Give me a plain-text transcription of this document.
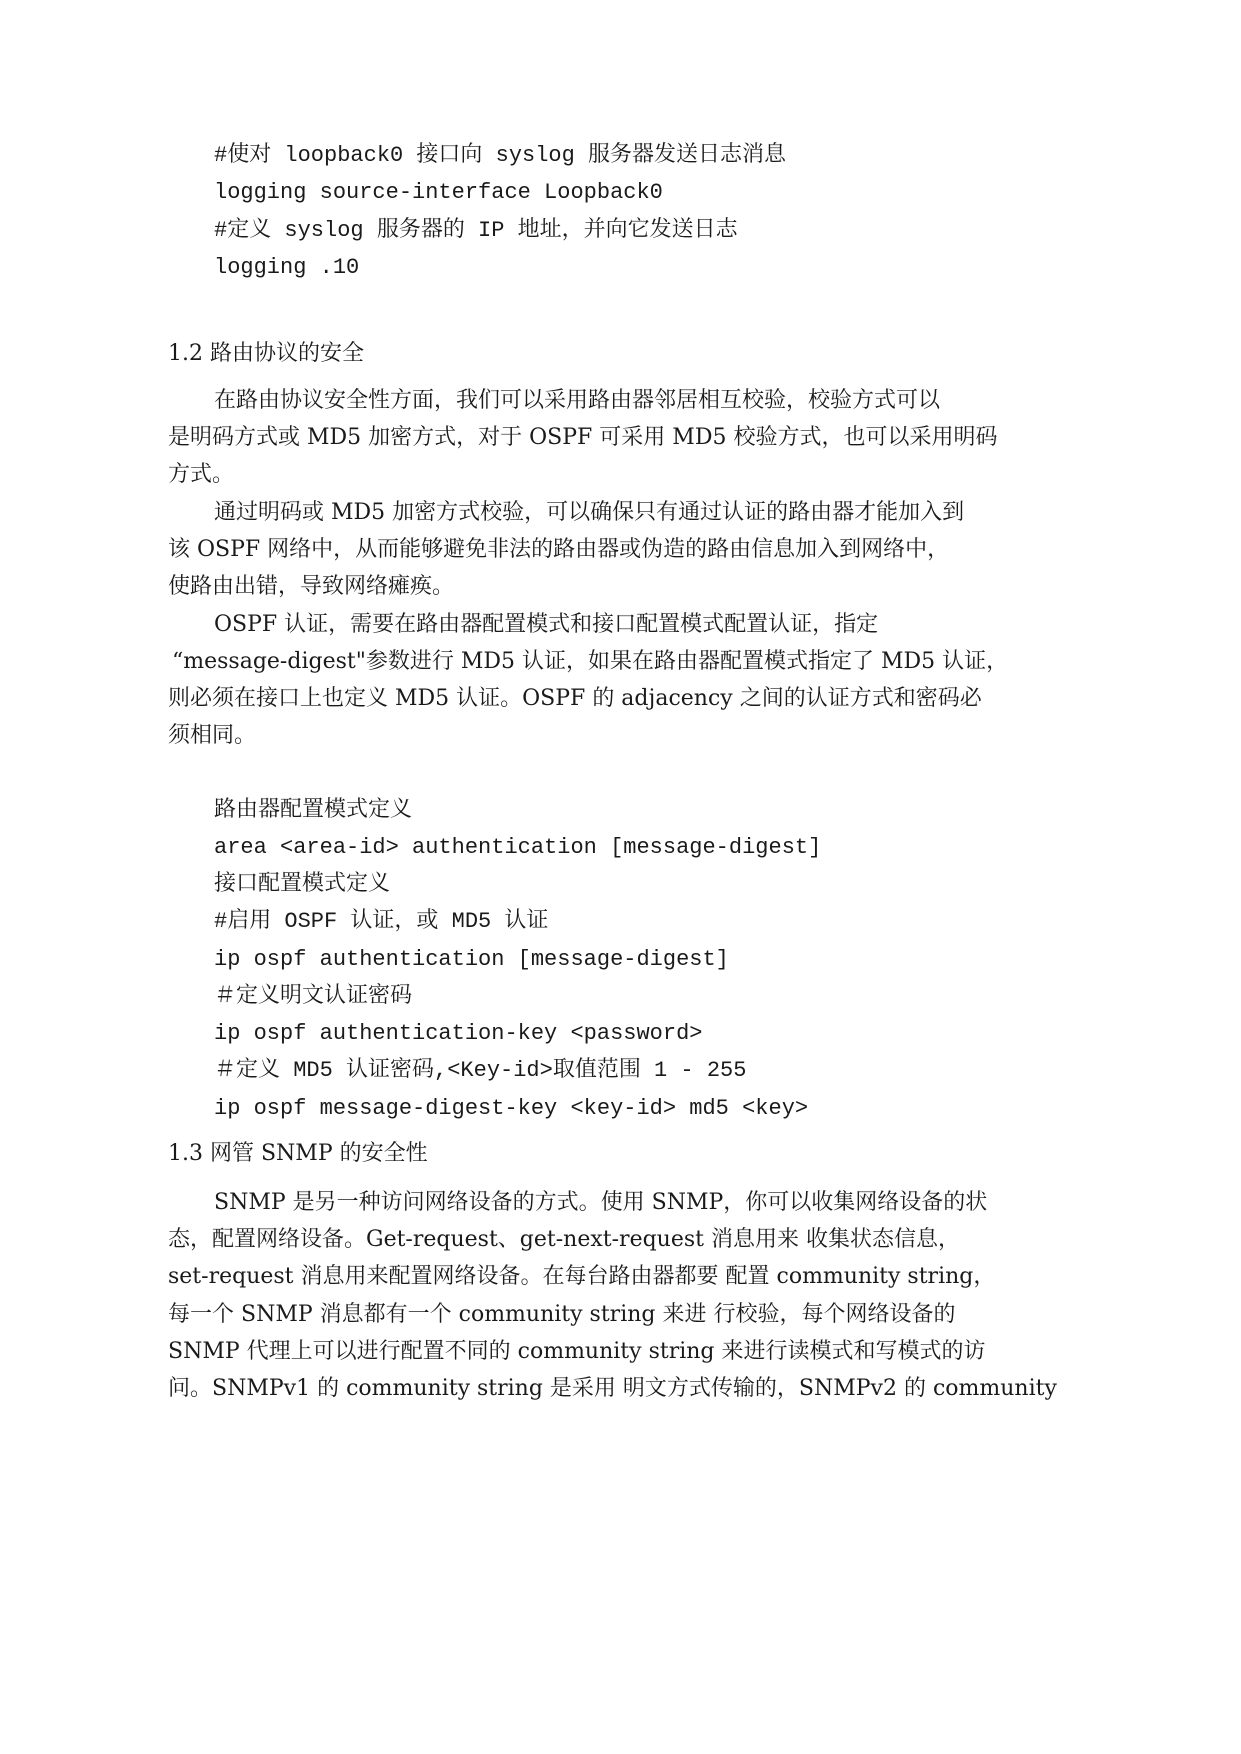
#使对 loopback0 接口向 syslog 服务器发送日志消息
logging source-interface Loopback0
#定义 syslog 服务器的 IP 地址，并向它发送日志
logging .10
1.2 路由协议的安全
在路由协议安全性方面，我们可以采用路由器邻居相互校验，校验方式可以
是明码方式或 MD5 加密方式，对于 OSPF 可采用 MD5 校验方式，也可以采用明码
方式。
通过明码或 MD5 加密方式校验，可以确保只有通过认证的路由器才能加入到
该 OSPF 网络中，从而能够避免非法的路由器或伪造的路由信息加入到网络中，
使路由出错，导致网络瘫痪。
OSPF 认证，需要在路由器配置模式和接口配置模式配置认证，指定
“message-digest"参数进行 MD5 认证，如果在路由器配置模式指定了 MD5 认证，
则必须在接口上也定义 MD5 认证。OSPF 的 adjacency 之间的认证方式和密码必
须相同。
路由器配置模式定义
area <area-id> authentication [message-digest]
接口配置模式定义
#启用 OSPF 认证，或 MD5 认证
ip ospf authentication [message-digest]
＃定义明文认证密码
ip ospf authentication-key <password>
＃定义 MD5 认证密码,<Key-id>取值范围 1 - 255
ip ospf message-digest-key <key-id> md5 <key>
1.3 网管 SNMP 的安全性
SNMP 是另一种访问网络设备的方式。使用 SNMP，你可以收集网络设备的状
态，配置网络设备。Get-request、get-next-request 消息用来 收集状态信息，
set-request 消息用来配置网络设备。在每台路由器都要 配置 community string，
每一个 SNMP 消息都有一个 community string 来进 行校验，每个网络设备的
SNMP 代理上可以进行配置不同的 community string 来进行读模式和写模式的访
问。SNMPv1 的 community string 是采用 明文方式传输的，SNMPv2 的 community
